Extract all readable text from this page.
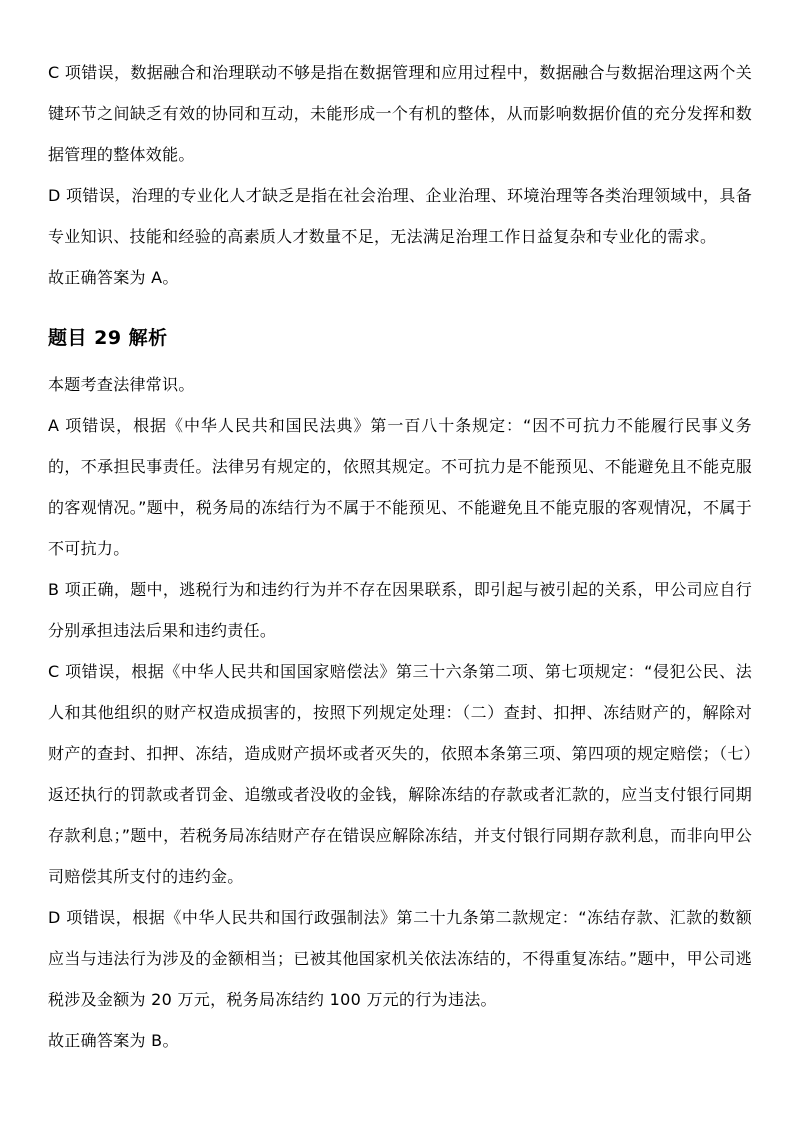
C 项错误，数据融合和治理联动不够是指在数据管理和应用过程中，数据融合与数据治理这两个关键环节之间缺乏有效的协同和互动，未能形成一个有机的整体，从而影响数据价值的充分发挥和数据管理的整体效能。

D 项错误，治理的专业化人才缺乏是指在社会治理、企业治理、环境治理等各类治理领域中，具备专业知识、技能和经验的高素质人才数量不足，无法满足治理工作日益复杂和专业化的需求。

故正确答案为 A。

题目 29 解析

本题考查法律常识。

A 项错误，根据《中华人民共和国民法典》第一百八十条规定：“因不可抗力不能履行民事义务的，不承担民事责任。法律另有规定的，依照其规定。不可抗力是不能预见、不能避免且不能克服的客观情况。”题中，税务局的冻结行为不属于不能预见、不能避免且不能克服的客观情况，不属于不可抗力。

B 项正确，题中，逃税行为和违约行为并不存在因果联系，即引起与被引起的关系，甲公司应自行分别承担违法后果和违约责任。

C 项错误，根据《中华人民共和国国家赔偿法》第三十六条第二项、第七项规定：“侵犯公民、法人和其他组织的财产权造成损害的，按照下列规定处理：（二）查封、扣押、冻结财产的，解除对财产的查封、扣押、冻结，造成财产损坏或者灭失的，依照本条第三项、第四项的规定赔偿；（七）返还执行的罚款或者罚金、追缴或者没收的金钱，解除冻结的存款或者汇款的，应当支付银行同期存款利息；”题中，若税务局冻结财产存在错误应解除冻结，并支付银行同期存款利息，而非向甲公司赔偿其所支付的违约金。

D 项错误，根据《中华人民共和国行政强制法》第二十九条第二款规定：“冻结存款、汇款的数额应当与违法行为涉及的金额相当；已被其他国家机关依法冻结的，不得重复冻结。”题中，甲公司逃税涉及金额为 20 万元，税务局冻结约 100 万元的行为违法。

故正确答案为 B。
